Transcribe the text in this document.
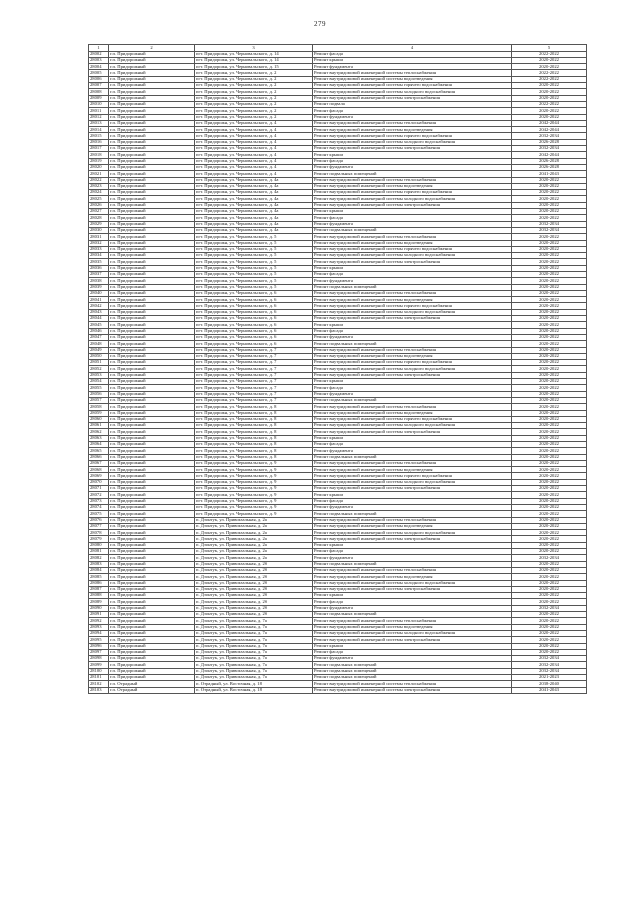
279
1	2	3	4	5
28002	г.п. Придорожный	пгт. Придорожн, ул. Черновальского, д. 14	Ремонт фасада	2022-2022
28003	г.п. Придорожный	пгт. Придорожн, ул. Черновальского, д. 14	Ремонт крыши	2020-2022
28004	г.п. Придорожный	пгт. Придорожн, ул. Черновальского, д. 15	Ремонт фундамента	2020-2022
28005	г.п. Придорожный	пгт. Придорожн, ул. Черновальского, д. 2	Ремонт внутридомовой инженерной системы теплоснабжения	2022-2022
28006	г.п. Придорожный	пгт. Придорожн, ул. Черновальского, д. 2	Ремонт внутридомовой инженерной системы водоотведения	2022-2022
28007	г.п. Придорожный	пгт. Придорожн, ул. Черновальского, д. 2	Ремонт внутридомовой инженерной системы горячего водоснабжения	2020-2022
28008	г.п. Придорожный	пгт. Придорожн, ул. Черновальского, д. 2	Ремонт внутридомовой инженерной системы холодного водоснабжения	2020-2022
28009	г.п. Придорожный	пгт. Придорожн, ул. Черновальского, д. 2	Ремонт внутридомовой инженерной системы электроснабжения	2020-2022
28010	г.п. Придорожный	пгт. Придорожн, ул. Черновальского, д. 2	Ремонт подвала	2022-2022
28011	г.п. Придорожный	пгт. Придорожн, ул. Черновальского, д. 2	Ремонт фасада	2020-2022
28012	г.п. Придорожный	пгт. Придорожн, ул. Черновальского, д. 2	Ремонт фундамента	2020-2022
28013	г.п. Придорожный	пгт. Придорожн, ул. Черновальского, д. 4	Ремонт внутридомовой инженерной системы теплоснабжения	2042-2044
28014	г.п. Придорожный	пгт. Придорожн, ул. Черновальского, д. 4	Ремонт внутридомовой инженерной системы водоотведения	2042-2044
28015	г.п. Придорожный	пгт. Придорожн, ул. Черновальского, д. 4	Ремонт внутридомовой инженерной системы горячего водоснабжения	2032-2034
28016	г.п. Придорожный	пгт. Придорожн, ул. Черновальского, д. 4	Ремонт внутридомовой инженерной системы холодного водоснабжения	2026-2028
28017	г.п. Придорожный	пгт. Придорожн, ул. Черновальского, д. 4	Ремонт внутридомовой инженерной системы электроснабжения	2032-2034
28018	г.п. Придорожный	пгт. Придорожн, ул. Черновальского, д. 4	Ремонт крыши	2042-2044
28019	г.п. Придорожный	пгт. Придорожн, ул. Черновальского, д. 4	Ремонт фасада	2026-2028
28020	г.п. Придорожный	пгт. Придорожн, ул. Черновальского, д. 4	Ремонт фундамента	2026-2028
28021	г.п. Придорожный	пгт. Придорожн, ул. Черновальского, д. 4	Ремонт подвальных помещений	2041-2043
28022	г.п. Придорожный	пгт. Придорожн, ул. Черновальского, д. 4а	Ремонт внутридомовой инженерной системы теплоснабжения	2020-2022
28023	г.п. Придорожный	пгт. Придорожн, ул. Черновальского, д. 4а	Ремонт внутридомовой инженерной системы водоотведения	2020-2022
28024	г.п. Придорожный	пгт. Придорожн, ул. Черновальского, д. 4а	Ремонт внутридомовой инженерной системы горячего водоснабжения	2020-2022
28025	г.п. Придорожный	пгт. Придорожн, ул. Черновальского, д. 4а	Ремонт внутридомовой инженерной системы холодного водоснабжения	2020-2022
28026	г.п. Придорожный	пгт. Придорожн, ул. Черновальского, д. 4а	Ремонт внутридомовой инженерной системы электроснабжения	2020-2022
28027	г.п. Придорожный	пгт. Придорожн, ул. Черновальского, д. 4а	Ремонт крыши	2020-2022
28028	г.п. Придорожный	пгт. Придорожн, ул. Черновальского, д. 4а	Ремонт фасада	2020-2022
28029	г.п. Придорожный	пгт. Придорожн, ул. Черновальского, д. 4а	Ремонт фундамента	2032-2034
28030	г.п. Придорожный	пгт. Придорожн, ул. Черновальского, д. 4а	Ремонт подвальных помещений	2032-2034
28031	г.п. Придорожный	пгт. Придорожн, ул. Черновальского, д. 5	Ремонт внутридомовой инженерной системы теплоснабжения	2020-2022
28032	г.п. Придорожный	пгт. Придорожн, ул. Черновальского, д. 5	Ремонт внутридомовой инженерной системы водоотведения	2020-2022
28033	г.п. Придорожный	пгт. Придорожн, ул. Черновальского, д. 5	Ремонт внутридомовой инженерной системы горячего водоснабжения	2020-2022
28034	г.п. Придорожный	пгт. Придорожн, ул. Черновальского, д. 5	Ремонт внутридомовой инженерной системы холодного водоснабжения	2020-2022
28035	г.п. Придорожный	пгт. Придорожн, ул. Черновальского, д. 5	Ремонт внутридомовой инженерной системы электроснабжения	2020-2022
28036	г.п. Придорожный	пгт. Придорожн, ул. Черновальского, д. 5	Ремонт крыши	2020-2022
28037	г.п. Придорожный	пгт. Придорожн, ул. Черновальского, д. 5	Ремонт фасада	2020-2022
28038	г.п. Придорожный	пгт. Придорожн, ул. Черновальского, д. 5	Ремонт фундамента	2020-2022
28039	г.п. Придорожный	пгт. Придорожн, ул. Черновальского, д. 5	Ремонт подвальных помещений	2020-2022
28040	г.п. Придорожный	пгт. Придорожн, ул. Черновальского, д. 6	Ремонт внутридомовой инженерной системы теплоснабжения	2020-2022
28041	г.п. Придорожный	пгт. Придорожн, ул. Черновальского, д. 6	Ремонт внутридомовой инженерной системы водоотведения	2020-2022
28042	г.п. Придорожный	пгт. Придорожн, ул. Черновальского, д. 6	Ремонт внутридомовой инженерной системы горячего водоснабжения	2020-2022
28043	г.п. Придорожный	пгт. Придорожн, ул. Черновальского, д. 6	Ремонт внутридомовой инженерной системы холодного водоснабжения	2020-2022
28044	г.п. Придорожный	пгт. Придорожн, ул. Черновальского, д. 6	Ремонт внутридомовой инженерной системы электроснабжения	2020-2022
28045	г.п. Придорожный	пгт. Придорожн, ул. Черновальского, д. 6	Ремонт крыши	2020-2022
28046	г.п. Придорожный	пгт. Придорожн, ул. Черновальского, д. 6	Ремонт фасада	2020-2022
28047	г.п. Придорожный	пгт. Придорожн, ул. Черновальского, д. 6	Ремонт фундамента	2020-2022
28048	г.п. Придорожный	пгт. Придорожн, ул. Черновальского, д. 6	Ремонт подвальных помещений	2020-2022
28049	г.п. Придорожный	пгт. Придорожн, ул. Черновальского, д. 7	Ремонт внутридомовой инженерной системы теплоснабжения	2020-2022
28050	г.п. Придорожный	пгт. Придорожн, ул. Черновальского, д. 7	Ремонт внутридомовой инженерной системы водоотведения	2020-2022
28051	г.п. Придорожный	пгт. Придорожн, ул. Черновальского, д. 7	Ремонт внутридомовой инженерной системы горячего водоснабжения	2020-2022
28052	г.п. Придорожный	пгт. Придорожн, ул. Черновальского, д. 7	Ремонт внутридомовой инженерной системы холодного водоснабжения	2020-2022
28053	г.п. Придорожный	пгт. Придорожн, ул. Черновальского, д. 7	Ремонт внутридомовой инженерной системы электроснабжения	2020-2022
28054	г.п. Придорожный	пгт. Придорожн, ул. Черновальского, д. 7	Ремонт крыши	2020-2022
28055	г.п. Придорожный	пгт. Придорожн, ул. Черновальского, д. 7	Ремонт фасада	2020-2022
28056	г.п. Придорожный	пгт. Придорожн, ул. Черновальского, д. 7	Ремонт фундамента	2020-2022
28057	г.п. Придорожный	пгт. Придорожн, ул. Черновальского, д. 7	Ремонт подвальных помещений	2020-2022
28058	г.п. Придорожный	пгт. Придорожн, ул. Черновальского, д. 8	Ремонт внутридомовой инженерной системы теплоснабжения	2020-2022
28059	г.п. Придорожный	пгт. Придорожн, ул. Черновальского, д. 8	Ремонт внутридомовой инженерной системы водоотведения	2020-2022
28060	г.п. Придорожный	пгт. Придорожн, ул. Черновальского, д. 8	Ремонт внутридомовой инженерной системы горячего водоснабжения	2020-2022
28061	г.п. Придорожный	пгт. Придорожн, ул. Черновальского, д. 8	Ремонт внутридомовой инженерной системы холодного водоснабжения	2020-2022
28062	г.п. Придорожный	пгт. Придорожн, ул. Черновальского, д. 8	Ремонт внутридомовой инженерной системы электроснабжения	2020-2022
28063	г.п. Придорожный	пгт. Придорожн, ул. Черновальского, д. 8	Ремонт крыши	2020-2022
28064	г.п. Придорожный	пгт. Придорожн, ул. Черновальского, д. 8	Ремонт фасада	2020-2022
28065	г.п. Придорожный	пгт. Придорожн, ул. Черновальского, д. 8	Ремонт фундамента	2020-2022
28066	г.п. Придорожный	пгт. Придорожн, ул. Черновальского, д. 8	Ремонт подвальных помещений	2020-2022
28067	г.п. Придорожный	пгт. Придорожн, ул. Черновальского, д. 9	Ремонт внутридомовой инженерной системы теплоснабжения	2020-2022
28068	г.п. Придорожный	пгт. Придорожн, ул. Черновальского, д. 9	Ремонт внутридомовой инженерной системы водоотведения	2020-2022
28069	г.п. Придорожный	пгт. Придорожн, ул. Черновальского, д. 9	Ремонт внутридомовой инженерной системы горячего водоснабжения	2020-2022
28070	г.п. Придорожный	пгт. Придорожн, ул. Черновальского, д. 9	Ремонт внутридомовой инженерной системы холодного водоснабжения	2020-2022
28071	г.п. Придорожный	пгт. Придорожн, ул. Черновальского, д. 9	Ремонт внутридомовой инженерной системы электроснабжения	2020-2022
28072	г.п. Придорожный	пгт. Придорожн, ул. Черновальского, д. 9	Ремонт крыши	2020-2022
28073	г.п. Придорожный	пгт. Придорожн, ул. Черновальского, д. 9	Ремонт фасада	2020-2022
28074	г.п. Придорожный	пгт. Придорожн, ул. Черновальского, д. 9	Ремонт фундамента	2020-2022
28075	г.п. Придорожный	пгт. Придорожн, ул. Черновальского, д. 9	Ремонт подвальных помещений	2020-2022
28076	г.п. Придорожный	п. Дзонтук, ул. Привокзальная, д. 2а	Ремонт внутридомовой инженерной системы теплоснабжения	2020-2022
28077	г.п. Придорожный	п. Дзонтук, ул. Привокзальная, д. 2а	Ремонт внутридомовой инженерной системы водоотведения	2020-2022
28078	г.п. Придорожный	п. Дзонтук, ул. Привокзальная, д. 2а	Ремонт внутридомовой инженерной системы холодного водоснабжения	2020-2022
28079	г.п. Придорожный	п. Дзонтук, ул. Привокзальная, д. 2а	Ремонт внутридомовой инженерной системы электроснабжения	2020-2022
28080	г.п. Придорожный	п. Дзонтук, ул. Привокзальная, д. 2а	Ремонт крыши	2020-2022
28081	г.п. Придорожный	п. Дзонтук, ул. Привокзальная, д. 2а	Ремонт фасада	2020-2022
28082	г.п. Придорожный	п. Дзонтук, ул. Привокзальная, д. 2а	Ремонт фундамента	2032-2034
28083	г.п. Придорожный	п. Дзонтук, ул. Привокзальная, д. 2б	Ремонт подвальных помещений	2020-2022
28084	г.п. Придорожный	п. Дзонтук, ул. Привокзальная, д. 2б	Ремонт внутридомовой инженерной системы теплоснабжения	2020-2022
28085	г.п. Придорожный	п. Дзонтук, ул. Привокзальная, д. 2б	Ремонт внутридомовой инженерной системы водоотведения	2020-2022
28086	г.п. Придорожный	п. Дзонтук, ул. Привокзальная, д. 2б	Ремонт внутридомовой инженерной системы холодного водоснабжения	2020-2022
28087	г.п. Придорожный	п. Дзонтук, ул. Привокзальная, д. 2б	Ремонт внутридомовой инженерной системы электроснабжения	2020-2022
28088	г.п. Придорожный	п. Дзонтук, ул. Привокзальная, д. 2б	Ремонт крыши	2020-2022
28089	г.п. Придорожный	п. Дзонтук, ул. Привокзальная, д. 2б	Ремонт фасада	2020-2022
28090	г.п. Придорожный	п. Дзонтук, ул. Привокзальная, д. 2б	Ремонт фундамента	2032-2034
28091	г.п. Придорожный	п. Дзонтук, ул. Привокзальная, д. 2б	Ремонт подвальных помещений	2020-2022
28092	г.п. Придорожный	п. Дзонтук, ул. Привокзальная, д. 7а	Ремонт внутридомовой инженерной системы теплоснабжения	2020-2022
28093	г.п. Придорожный	п. Дзонтук, ул. Привокзальная, д. 7а	Ремонт внутридомовой инженерной системы водоотведения	2020-2022
28094	г.п. Придорожный	п. Дзонтук, ул. Привокзальная, д. 7а	Ремонт внутридомовой инженерной системы холодного водоснабжения	2020-2022
28095	г.п. Придорожный	п. Дзонтук, ул. Привокзальная, д. 7а	Ремонт внутридомовой инженерной системы электроснабжения	2020-2022
28096	г.п. Придорожный	п. Дзонтук, ул. Привокзальная, д. 7а	Ремонт крыши	2020-2022
28097	г.п. Придорожный	п. Дзонтук, ул. Привокзальная, д. 7а	Ремонт фасада	2020-2022
28098	г.п. Придорожный	п. Дзонтук, ул. Привокзальная, д. 7а	Ремонт фундамента	2032-2034
28099	г.п. Придорожный	п. Дзонтук, ул. Привокзальная, д. 7а	Ремонт подвальных помещений	2032-2034
28100	г.п. Придорожный	п. Дзонтук, ул. Привокзальная, д. 7а	Ремонт подвальных помещений	2032-2034
28101	г.п. Придорожный	п. Дзонтук, ул. Привокзальная, д. 7а	Ремонт подвальных помещений	2021-2023
28102	г.п. Отрадный	п. Отрадный, ул. Восточная, д. 18	Ремонт внутридомовой инженерной системы теплоснабжения	2038-2040
28103	г.п. Отрадный	п. Отрадный, ул. Восточная, д. 18	Ремонт внутридомовой инженерной системы электроснабжения	2041-2043
